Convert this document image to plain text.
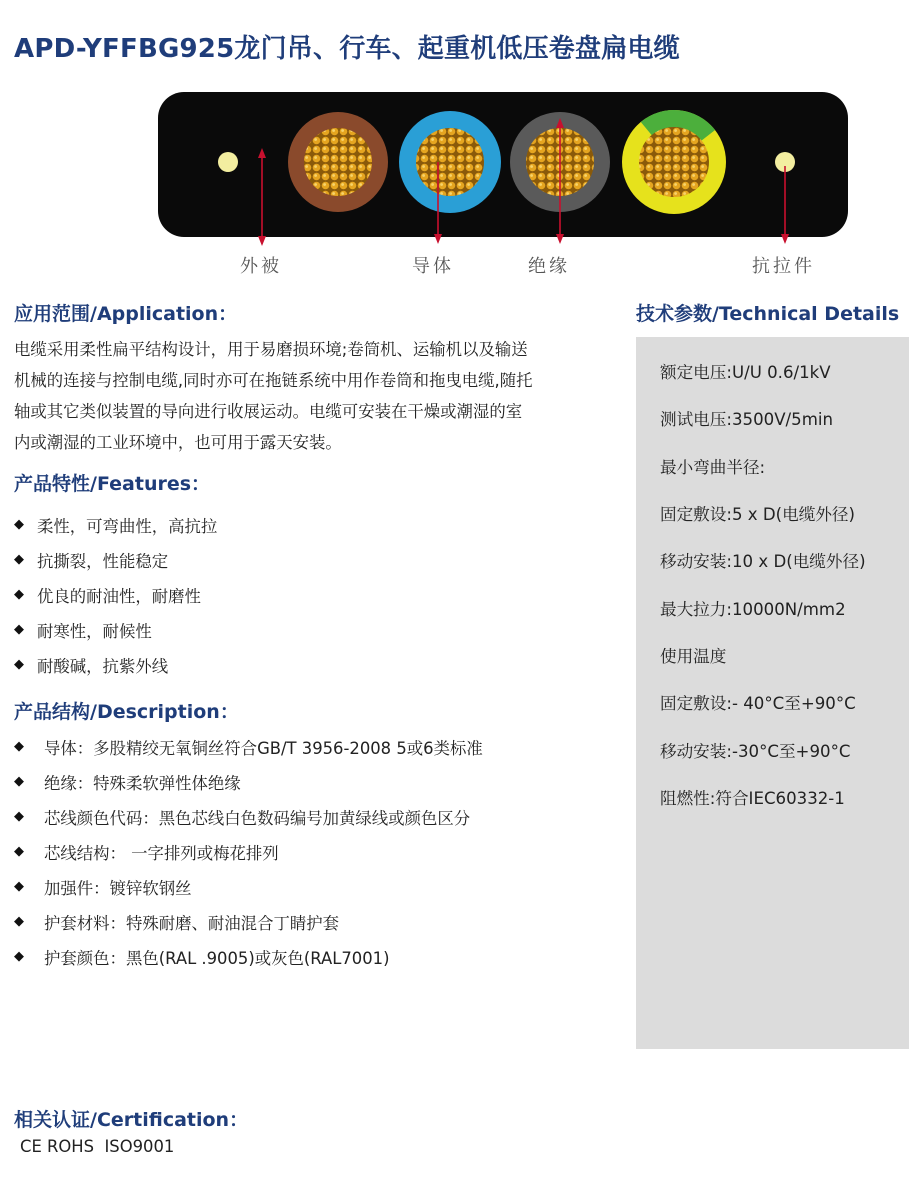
APD-YFFBG925龙门吊、行车、起重机低压卷盘扁电缆
外被	导体	绝缘	抗拉件
应用范围/Application：

电缆采用柔性扁平结构设计，用于易磨损环境;卷筒机、运输机以及输送
机械的连接与控制电缆,同时亦可在拖链系统中用作卷筒和拖曳电缆,随托
轴或其它类似装置的导向进行收展运动。电缆可安装在干燥或潮湿的室
内或潮湿的工业环境中，也可用于露天安装。

产品特性/Features：
◆ 柔性，可弯曲性，高抗拉
◆ 抗撕裂，性能稳定
◆ 优良的耐油性，耐磨性
◆ 耐寒性，耐候性
◆ 耐酸碱，抗紫外线
产品结构/Description：
◆	导体：多股精绞无氧铜丝符合GB/T 3956-2008 5或6类标准
◆	绝缘：特殊柔软弹性体绝缘
◆	芯线颜色代码：黑色芯线白色数码编号加黄绿线或颜色区分
◆	芯线结构： 一字排列或梅花排列
◆	加强件：镀锌软钢丝
◆	护套材料：特殊耐磨、耐油混合丁睛护套
◆	护套颜色：黑色(RAL .9005)或灰色(RAL7001)
技术参数/Technical Details
额定电压:U/U 0.6/1kV
测试电压:3500V/5min
最小弯曲半径:
固定敷设:5 x D(电缆外径)
移动安装:10 x D(电缆外径)
最大拉力:10000N/mm2
使用温度
固定敷设:- 40°C至+90°C
移动安装:-30°C至+90°C
阻燃性:符合IEC60332-1
相关认证/Certification：
CE ROHS  ISO9001
